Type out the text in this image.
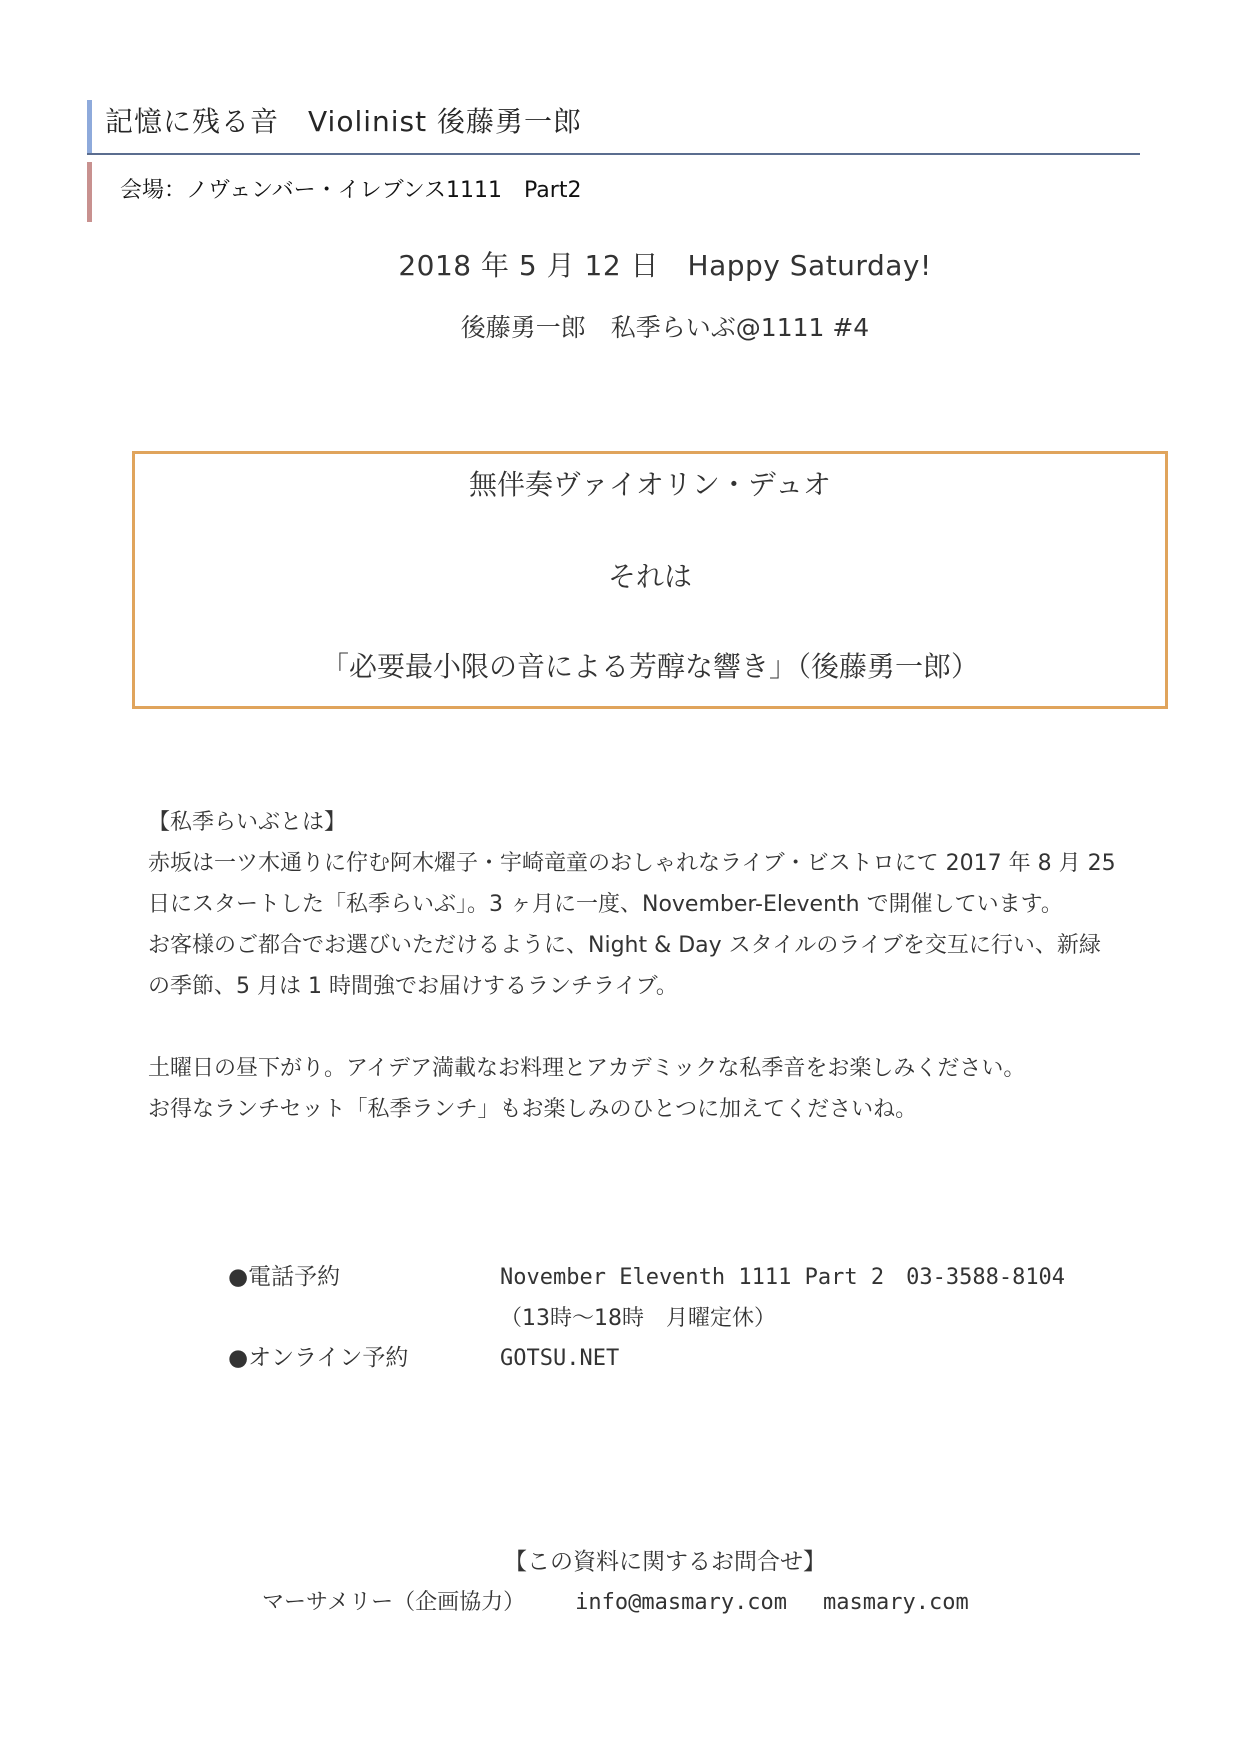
記憶に残る音　Violinist 後藤勇一郎
会場：ノヴェンバー・イレブンス1111　Part2
2018 年 5 月 12 日　Happy Saturday!
後藤勇一郎　私季らいぶ@1111 #4
無伴奏ヴァイオリン・デュオ
それは
「必要最小限の音による芳醇な響き」（後藤勇一郎）
【私季らいぶとは】
赤坂は一ツ木通りに佇む阿木燿子・宇崎竜童のおしゃれなライブ・ビストロにて 2017 年 8 月 25
日にスタートした「私季らいぶ」。3 ヶ月に一度、November-Eleventh で開催しています。
お客様のご都合でお選びいただけるように、Night & Day スタイルのライブを交互に行い、新緑
の季節、5 月は 1 時間強でお届けするランチライブ。
土曜日の昼下がり。アイデア満載なお料理とアカデミックな私季音をお楽しみください。
お得なランチセット「私季ランチ」もお楽しみのひとつに加えてくださいね。
●電話予約	November Eleventh 1111 Part 2　03-3588-8104
（13時～18時　月曜定休）
●オンライン予約	GOTSU.NET
【この資料に関するお問合せ】
マーサメリー（企画協力） info@masmary.com masmary.com
